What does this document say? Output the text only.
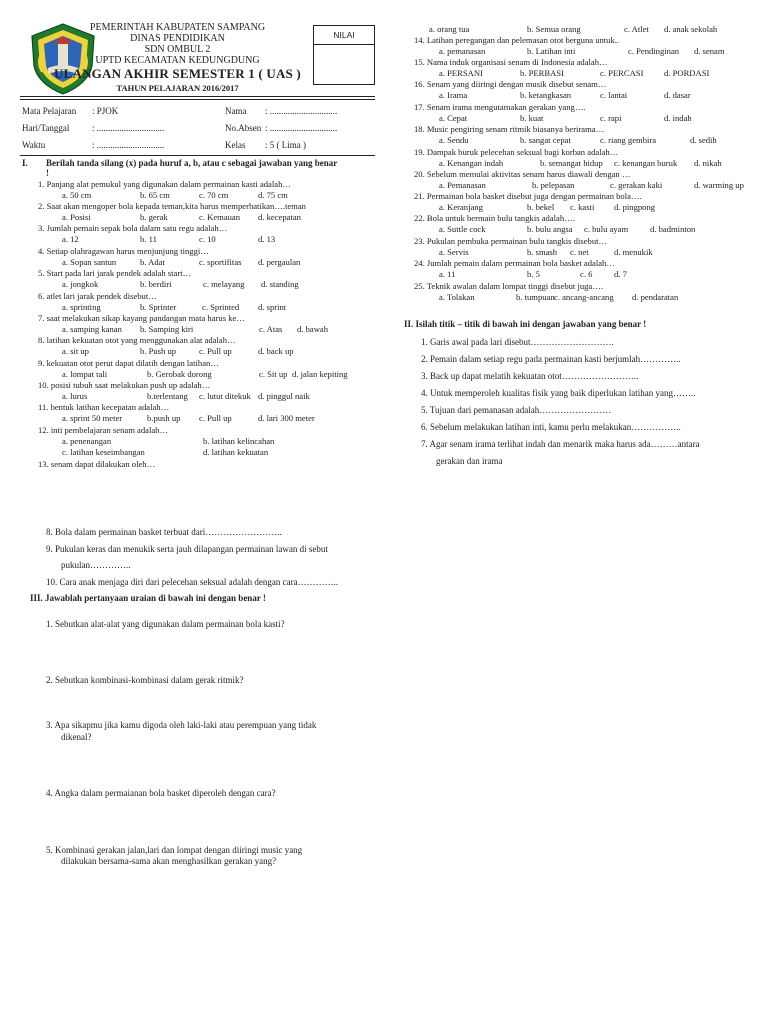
PEMERINTAH KABUPATEN SAMPANG
DINAS PENDIDIKAN
SDN OMBUL 2
UPTD KECAMATAN KEDUNGDUNG
ULANGAN AKHIR SEMESTER 1 ( UAS )
TAHUN PELAJARAN 2016/2017
NILAI
Mata Pelajaran : PJOK	Nama : ..............................
Hari/Tanggal	: ..............................	No.Absen : ..............................
Waktu	: ..............................	Kelas : 5 ( Lima )
I. Berilah tanda silang (x) pada huruf a, b, atau c sebagai jawaban yang benar
!
1. Panjang alat pemukul yang digunakan dalam permainan kasti adalah…
a. 50 cm	b. 65 cm	c. 70 cm	d. 75 cm
2. Saat akan mengoper bola kepada teman,kita harus memperhatikan….teman
a. Posisi	b. gerak	c. Kemauan d. kecepatan
3. Jumlah pemain sepak bola dalam satu regu adalah…
a. 12	b. 11	c. 10	d. 13
4. Setiap olahragawan harus menjunjung tinggi…
a. Sopan santun	b. Adat	c. sportifitas d. pergaulan
5. Start pada lari jarak pendek adalah start…
a. jongkok	b. berdiri	c. melayang d. standing
6. atlet lari jarak pendek disebut…
a. sprinting	b. Sprinter	c. Sprinted d. sprint
7. saat melakukan sikap kayang pandangan mata harus ke…
a. samping kanan b. Samping kiri	c. Atas d. bawah
8. latihan kekuatan otot yang menggunakan alat adalah…
a. sit up	b. Push up	c. Pull up	d. back up
9. kekuatan otot perut dapat dilatih dengan latihan…
a. lompat tali	b. Gerobak dorong	c. Sit up d. jalan kepiting
10. posisi tubuh saat melakukan push up adalah…
a. lurus	b.terlentang c. lutut ditekuk d. pinggul naik
11. bentuk latihan kecepatan adalah…
a. sprint 50 meter	b.push up c. Pull up	d. lari 300 meter
12. inti pembelajaran senam adalah…
a. penenangan	b. latihan kelincahan
c. latihan keseimbangan	d. latihan kekuatan
13. senam dapat dilakukan oleh…
8. Bola dalam permainan basket terbuat dari……………………..
9. Pukulan keras dan menukik serta jauh dilapangan permainan lawan di sebut
pukulan…………..
10. Cara anak menjaga diri dari pelecehan seksual adalah dengan cara…………..
III. Jawablah pertanyaan uraian di bawah ini dengan benar !
1. Sebutkan alat-alat yang digunakan dalam permainan bola kasti?
2. Sebutkan kombinasi-kombinasi dalam gerak ritmik?
3. Apa sikapmu jika kamu digoda oleh laki-laki atau perempuan yang tidak
dikenal?
4. Angka dalam permaianan bola basket diperoleh dengan cara?
5. Kombinasi gerakan jalan,lari dan lompat dengan diiringi music yang
dilakukan bersama-sama akan menghasilkan gerakan yang?
a. orang tua	b. Semua orang	c. Atlet d. anak sekolah
14. Latihan peregangan dan pelemasan otot berguna untuk..
a. pemanasan	b. Latihan inti	c. Pendinginan d. senam
15. Nama induk organisasi senam di Indonesia adalah…
a. PERSANI	b. PERBASI	c. PERCASI d. PORDASI
16. Senam yang diiringi dengan musik disebut senam…
a. Irama	b. ketangkasan	c. lantai	d. dasar
17. Senam irama mengutamakan gerakan yang….
a. Cepat	b. kuat	c. rapi	d. indah
18. Music pengiring senam ritmik biasanya berirama…
a. Sendu	b. sangat cepat	c. riang gembira	d. sedih
19. Dampak buruk pelecehan seksual bagi korban adalah…
a. Kenangan indah	b. semangat hidup c. kenangan buruk d. nikah
20. Sebelum memulai aktivitas senam harus diawali dengan …
a. Pemanasan	b. pelepasan	c. gerakan kaki	d. warming up
21. Permainan bola basket disebut juga dengan permainan bola….
a. Keranjang	b. bekel c. kasti d. pingpong
22. Bola untuk bermain bulu tangkis adalah….
a. Suttle cock	b. bulu angsa c. bulu ayam	d. badminton
23. Pukulan pembuka permainan bulu tangkis disebut…
a. Servis	b. smash c. net	d. menukik
24. Jumlah pemain dalam permainan bola basket adalah…
a. 11	b. 5	c. 6	d. 7
25. Teknik awalan dalam lompat tinggi disebut juga….
a. Tolakan	b. tumpuan c. ancang-ancang d. pendaratan
II. Isilah titik – titik di bawah ini dengan jawaban yang benar !
1. Garis awal pada lari disebut……………………….
2. Pemain dalam setiap regu pada permainan kasti berjumlah…………..
3. Back up dapat melatih kekuatan otot……………………..
4. Untuk memperoleh kualitas fisik yang baik diperlukan latihan yang……..
5. Tujuan dari pemanasan adalah……………………
6. Sebelum melakukan latihan inti, kamu perlu melakukan……………..
7. Agar senam irama terlihat indah dan menarik maka harus ada………antara
gerakan dan irama
